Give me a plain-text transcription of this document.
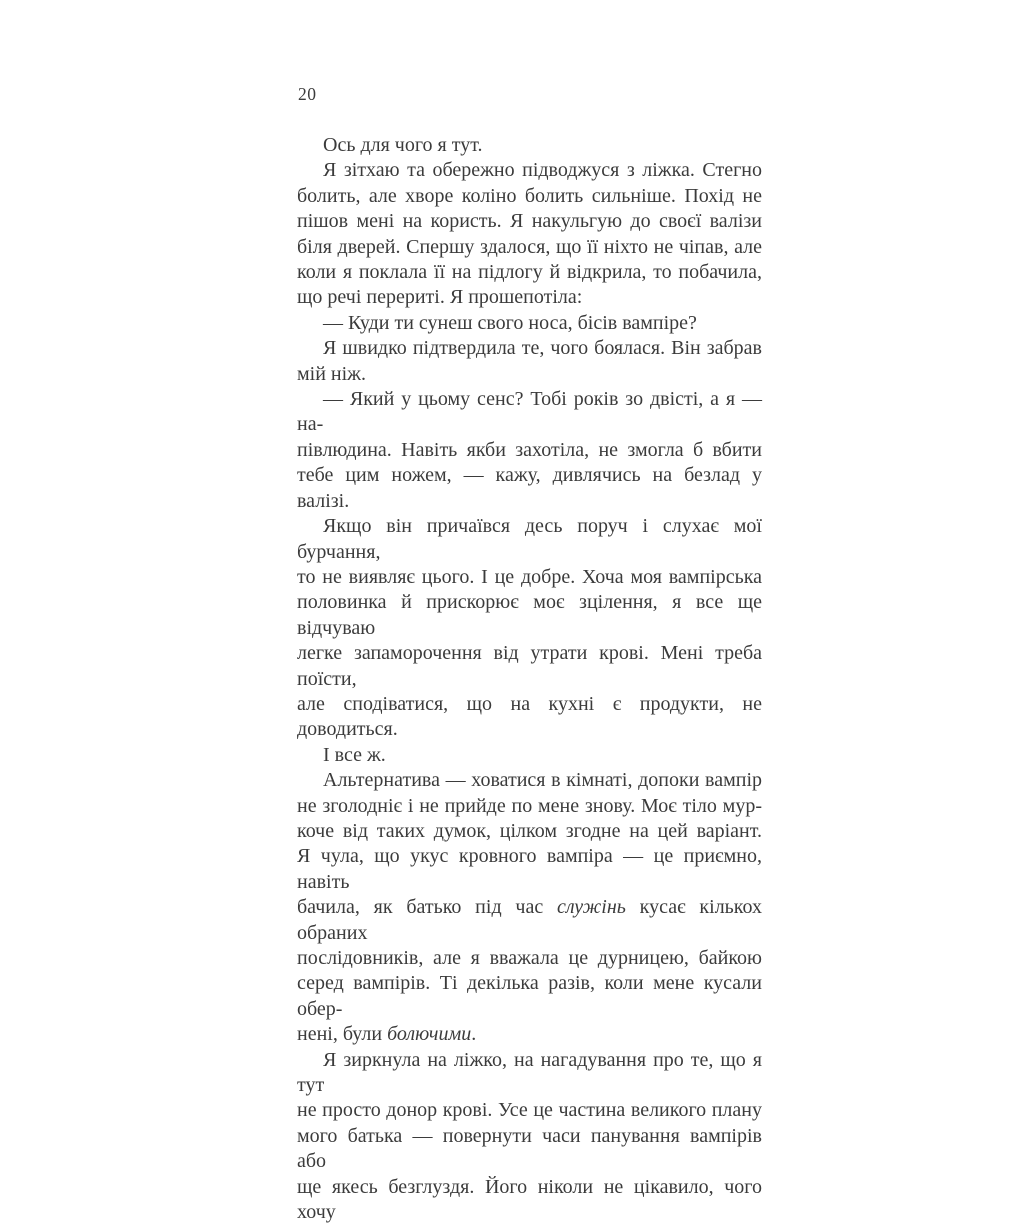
20
Ось для чого я тут.
Я зітхаю та обережно підводжуся з ліжка. Стегно
болить, але хворе коліно болить сильніше. Похід не
пішов мені на користь. Я накульгую до своєї валізи
біля дверей. Спершу здалося, що її ніхто не чіпав, але
коли я поклала її на підлогу й відкрила, то побачила,
що речі перериті. Я прошепотіла:
— Куди ти сунеш свого носа, бісів вампіре?
Я швидко підтвердила те, чого боялася. Він забрав
мій ніж.
— Який у цьому сенс? Тобі років зо двісті, а я — на-
півлюдина. Навіть якби захотіла, не змогла б вбити
тебе цим ножем, — кажу, дивлячись на безлад у валізі.
Якщо він причаївся десь поруч і слухає мої бурчання,
то не виявляє цього. І це добре. Хоча моя вампірська
половинка й прискорює моє зцілення, я все ще відчуваю
легке запаморочення від утрати крові. Мені треба поїсти,
але сподіватися, що на кухні є продукти, не доводиться.
І все ж.
Альтернатива — ховатися в кімнаті, допоки вампір
не зголодніє і не прийде по мене знову. Моє тіло мур-
коче від таких думок, цілком згодне на цей варіант.
Я чула, що укус кровного вампіра — це приємно, навіть
бачила, як батько під час служінь кусає кількох обраних
послідовників, але я вважала це дурницею, байкою
серед вампірів. Ті декілька разів, коли мене кусали обер-
нені, були болючими.
Я зиркнула на ліжко, на нагадування про те, що я тут
не просто донор крові. Усе це частина великого плану
мого батька — повернути часи панування вампірів або
ще якесь безглуздя. Його ніколи не цікавило, чого хочу
